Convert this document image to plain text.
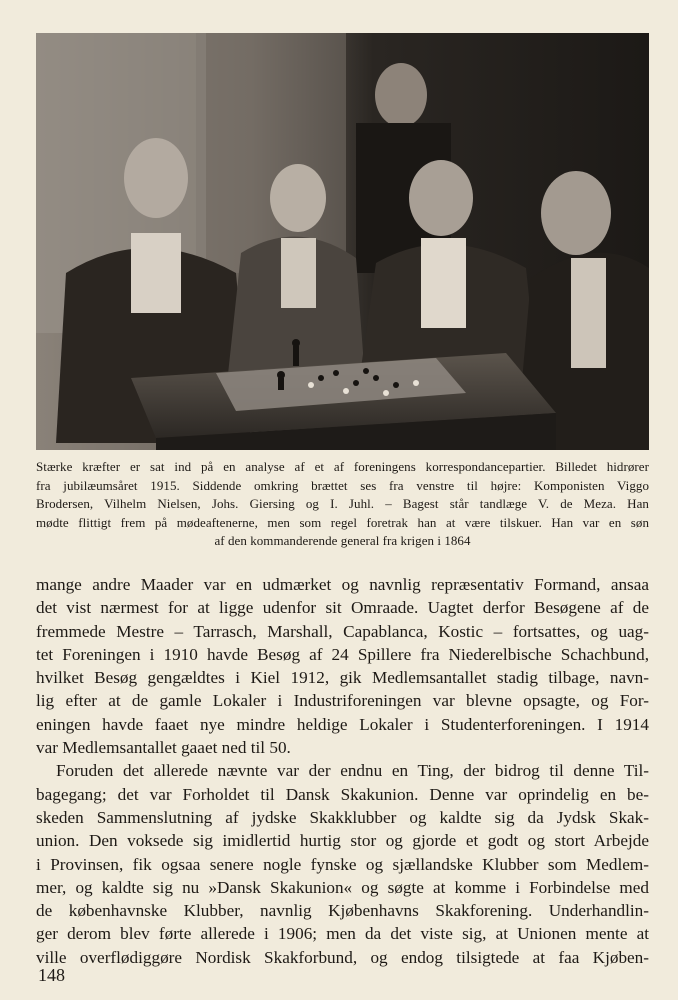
Stærke kræfter er sat ind på en analyse af et af foreningens korrespondancepartier. Billedet hidrører
fra jubilæumsåret 1915. Siddende omkring brættet ses fra venstre til højre: Komponisten Viggo
Brodersen, Vilhelm Nielsen, Johs. Giersing og I. Juhl. – Bagest står tandlæge V. de Meza. Han
mødte flittigt frem på mødeaftenerne, men som regel foretrak han at være tilskuer. Han var en søn
af den kommanderende general fra krigen i 1864
mange andre Maader var en udmærket og navnlig repræsentativ Formand, ansaa
det vist nærmest for at ligge udenfor sit Omraade. Uagtet derfor Besøgene af de
fremmede Mestre – Tarrasch, Marshall, Capablanca, Kostic – fortsattes, og uag-
tet Foreningen i 1910 havde Besøg af 24 Spillere fra Niederelbische Schachbund,
hvilket Besøg gengældtes i Kiel 1912, gik Medlemsantallet stadig tilbage, navn-
lig efter at de gamle Lokaler i Industriforeningen var blevne opsagte, og For-
eningen havde faaet nye mindre heldige Lokaler i Studenterforeningen. I 1914
var Medlemsantallet gaaet ned til 50.
Foruden det allerede nævnte var der endnu en Ting, der bidrog til denne Til-
bagegang; det var Forholdet til Dansk Skakunion. Denne var oprindelig en be-
skeden Sammenslutning af jydske Skakklubber og kaldte sig da Jydsk Skak-
union. Den voksede sig imidlertid hurtig stor og gjorde et godt og stort Arbejde
i Provinsen, fik ogsaa senere nogle fynske og sjællandske Klubber som Medlem-
mer, og kaldte sig nu »Dansk Skakunion« og søgte at komme i Forbindelse med
de københavnske Klubber, navnlig Kjøbenhavns Skakforening. Underhandlin-
ger derom blev førte allerede i 1906; men da det viste sig, at Unionen mente at
ville overflødiggøre Nordisk Skakforbund, og endog tilsigtede at faa Kjøben-
148
